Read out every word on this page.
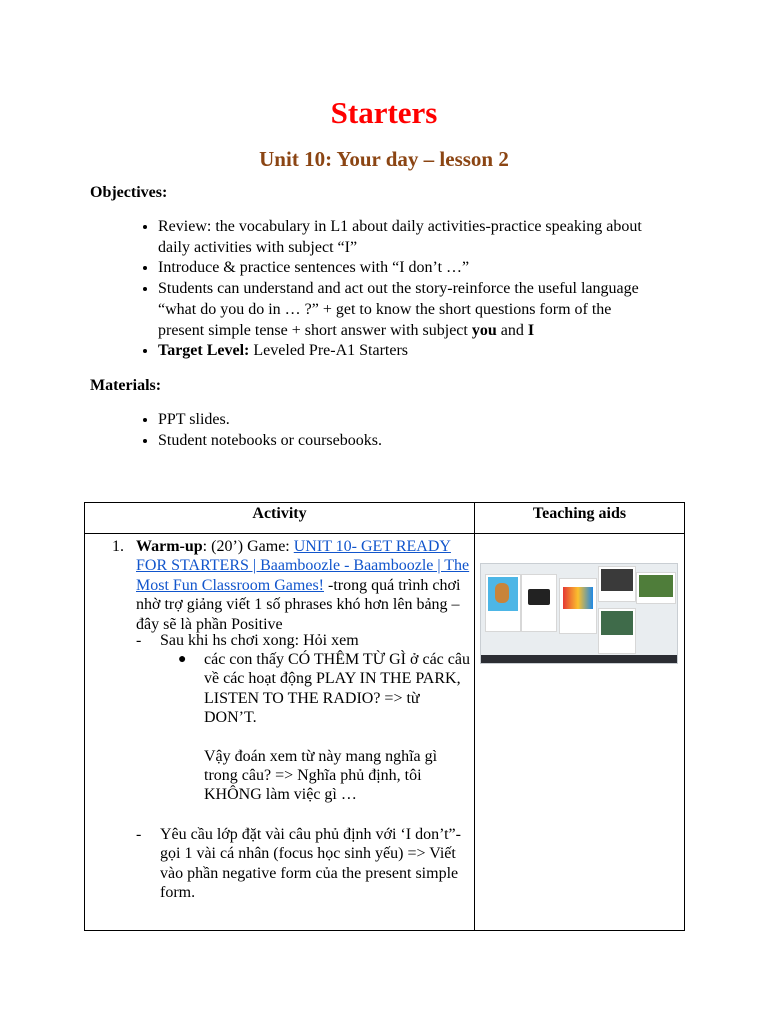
Starters
Unit 10: Your day – lesson 2
Objectives:
• Review: the vocabulary in L1 about daily activities-practice speaking about daily activities with subject “I”
• Introduce & practice sentences with “I don’t …”
• Students can understand and act out the story-reinforce the useful language “what do you do in … ?” + get to know the short questions form of the present simple tense + short answer with subject you and I
• Target Level: Leveled Pre-A1 Starters
Materials:
• PPT slides.
• Student notebooks or coursebooks.
Activity	Teaching aids

1. Warm-up: (20’) Game: UNIT 10- GET READY FOR STARTERS | Baamboozle - Baamboozle | The Most Fun Classroom Games! -trong quá trình chơi nhờ trợ giảng viết 1 số phrases khó hơn lên bảng – đây sẽ là phần Positive
- Sau khi hs chơi xong: Hỏi xem
● các con thấy CÓ THÊM TỪ GÌ ở các câu về các hoạt động PLAY IN THE PARK, LISTEN TO THE RADIO? => từ DON’T.
Vậy đoán xem từ này mang nghĩa gì trong câu? => Nghĩa phủ định, tôi KHÔNG làm việc gì …
- Yêu cầu lớp đặt vài câu phủ định với ‘I don’t”- gọi 1 vài cá nhân (focus học sinh yếu) => Viết vào phần negative form của the present simple form.
